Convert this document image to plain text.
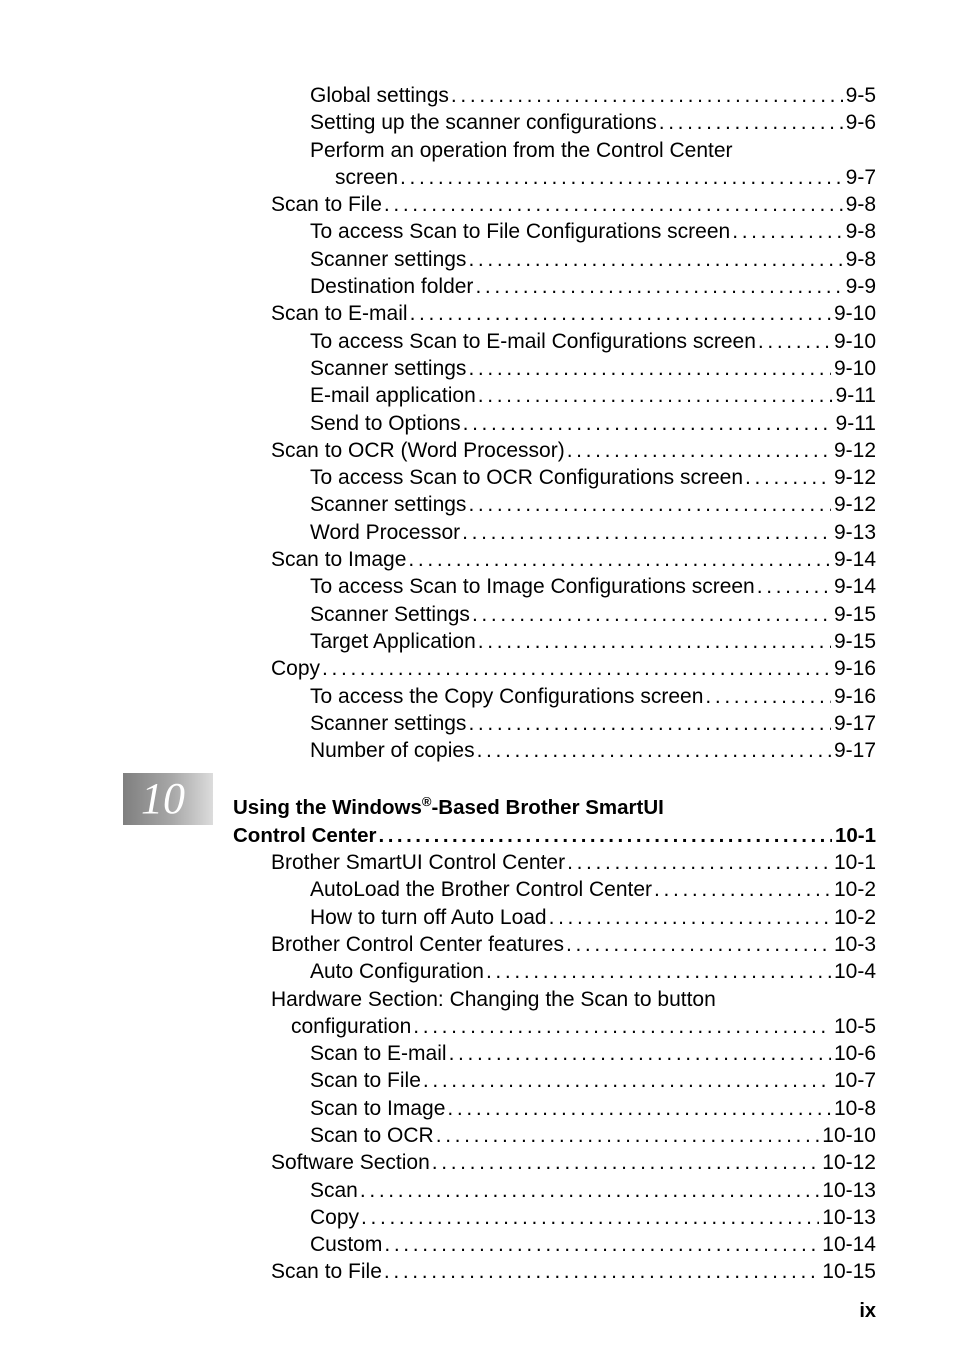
Global settings . . .	9-5
Setting up the scanner configurations . . .	9-6
Perform an operation from the Control Center
screen . . .	9-7
Scan to File . . .	9-8
To access Scan to File Configurations screen . . .	9-8
Scanner settings . . .	9-8
Destination folder . . .	9-9
Scan to E-mail . . .	9-10
To access Scan to E-mail Configurations screen . . .	9-10
Scanner settings . . .	9-10
E-mail application . . .	9-11
Send to Options . . .	9-11
Scan to OCR (Word Processor) . . .	9-12
To access Scan to OCR Configurations screen . . .	9-12
Scanner settings . . .	9-12
Word Processor . . .	9-13
Scan to Image . . .	9-14
To access Scan to Image Configurations screen . . .	9-14
Scanner Settings . . .	9-15
Target Application . . .	9-15
Copy . . .	9-16
To access the Copy Configurations screen . . .	9-16
Scanner settings . . .	9-17
Number of copies . . .	9-17
Using the Windows®-Based Brother SmartUI
Control Center . . .	10-1
Brother SmartUI Control Center . . .	10-1
AutoLoad the Brother Control Center . . .	10-2
How to turn off Auto Load . . .	10-2
Brother Control Center features . . .	10-3
Auto Configuration . . .	10-4
Hardware Section: Changing the Scan to button
configuration . . .	10-5
Scan to E-mail . . .	10-6
Scan to File . . .	10-7
Scan to Image . . .	10-8
Scan to OCR . . .	10-10
Software Section . . .	10-12
Scan . . .	10-13
Copy . . .	10-13
Custom . . .	10-14
Scan to File . . .	10-15
10
ix
